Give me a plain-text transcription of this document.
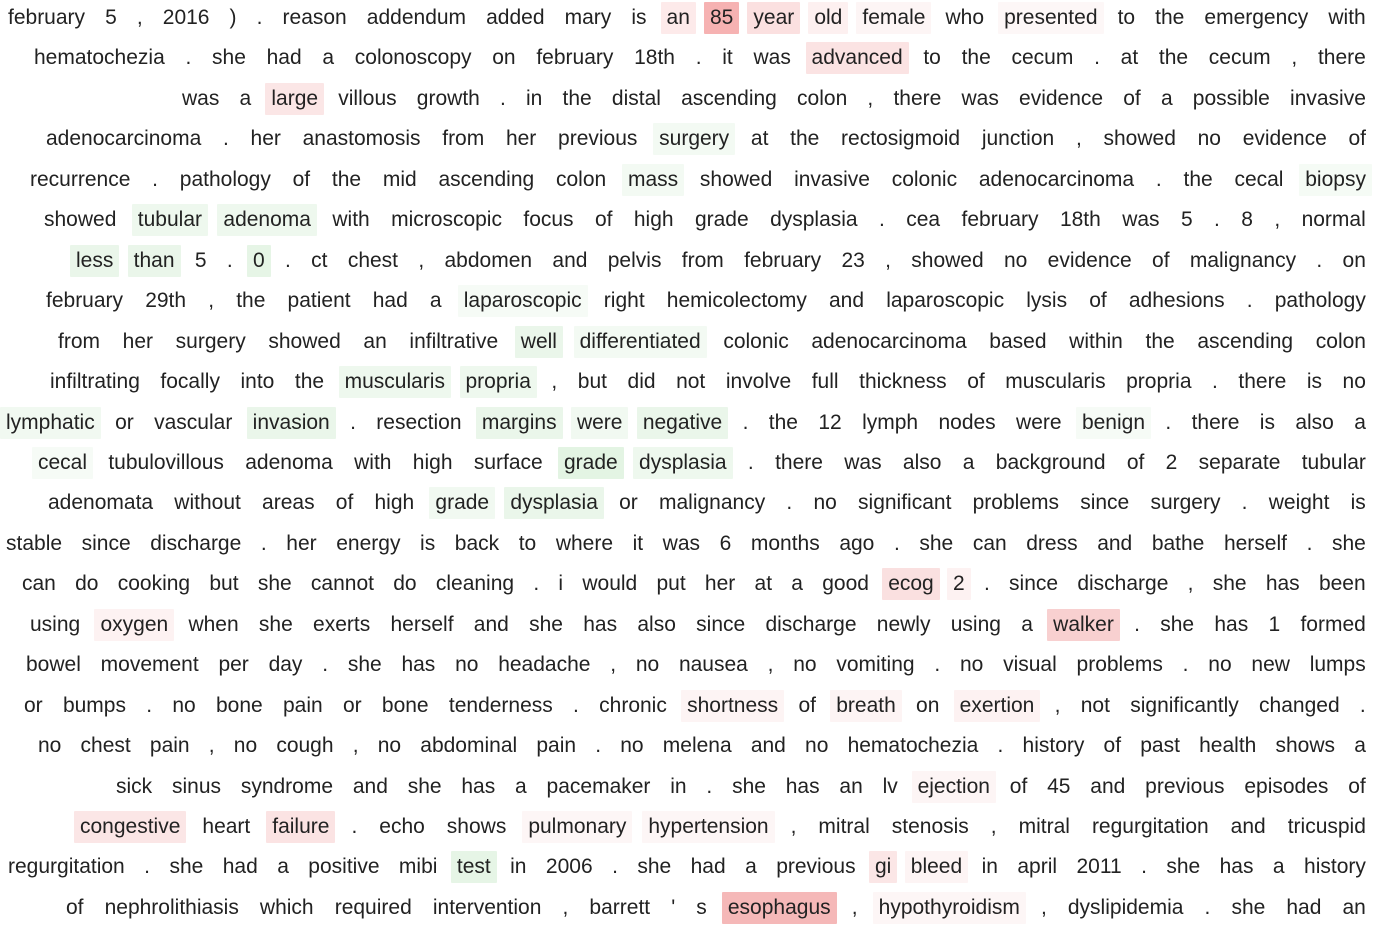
february 5 , 2016 ) . reason addendum added mary is an 85 year old female who presented to the emergency with
hematochezia . she had a colonoscopy on february 18th . it was advanced to the cecum . at the cecum , there
was a large villous growth . in the distal ascending colon , there was evidence of a possible invasive
adenocarcinoma . her anastomosis from her previous surgery at the rectosigmoid junction , showed no evidence of
recurrence . pathology of the mid ascending colon mass showed invasive colonic adenocarcinoma . the cecal biopsy
showed tubular adenoma with microscopic focus of high grade dysplasia . cea february 18th was 5 . 8 , normal
less than 5 . 0 . ct chest , abdomen and pelvis from february 23 , showed no evidence of malignancy . on
february 29th , the patient had a laparoscopic right hemicolectomy and laparoscopic lysis of adhesions . pathology
from her surgery showed an infiltrative well differentiated colonic adenocarcinoma based within the ascending colon
infiltrating focally into the muscularis propria , but did not involve full thickness of muscularis propria . there is no
lymphatic or vascular invasion . resection margins were negative . the 12 lymph nodes were benign . there is also a
cecal tubulovillous adenoma with high surface grade dysplasia . there was also a background of 2 separate tubular
adenomata without areas of high grade dysplasia or malignancy . no significant problems since surgery . weight is
stable since discharge . her energy is back to where it was 6 months ago . she can dress and bathe herself . she
can do cooking but she cannot do cleaning . i would put her at a good ecog 2 . since discharge , she has been
using oxygen when she exerts herself and she has also since discharge newly using a walker . she has 1 formed
bowel movement per day . she has no headache , no nausea , no vomiting . no visual problems . no new lumps
or bumps . no bone pain or bone tenderness . chronic shortness of breath on exertion , not significantly changed .
no chest pain , no cough , no abdominal pain . no melena and no hematochezia . history of past health shows a
sick sinus syndrome and she has a pacemaker in . she has an lv ejection of 45 and previous episodes of
congestive heart failure . echo shows pulmonary hypertension , mitral stenosis , mitral regurgitation and tricuspid
regurgitation . she had a positive mibi test in 2006 . she had a previous gi bleed in april 2011 . she has a history
of nephrolithiasis which required intervention , barrett ' s esophagus , hypothyroidism , dyslipidemia . she had an
